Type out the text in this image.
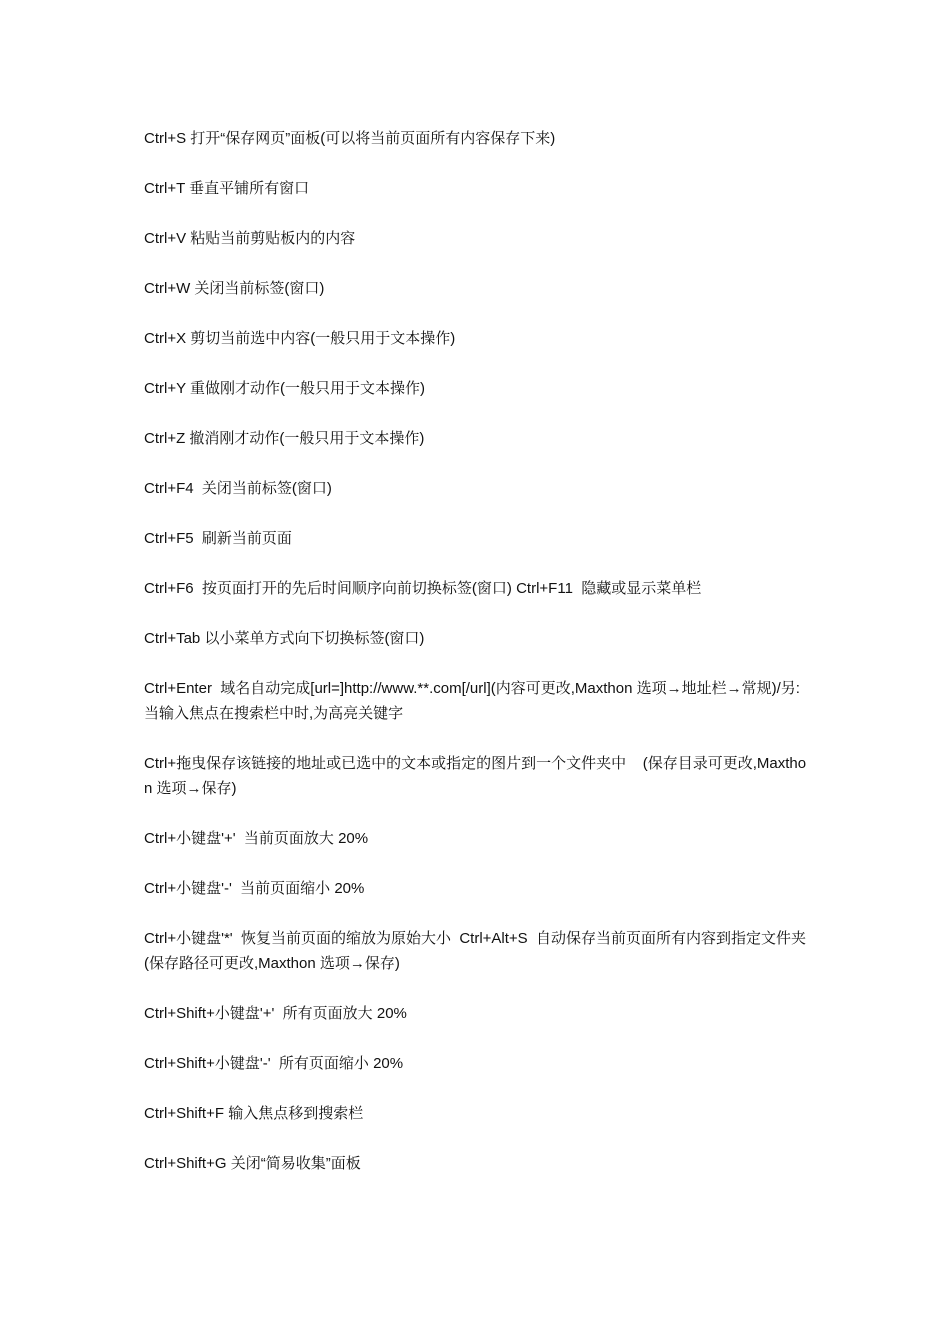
Ctrl+S 打开“保存网页”面板(可以将当前页面所有内容保存下来)

Ctrl+T 垂直平铺所有窗口

Ctrl+V 粘贴当前剪贴板内的内容

Ctrl+W 关闭当前标签(窗口)

Ctrl+X 剪切当前选中内容(一般只用于文本操作)

Ctrl+Y 重做刚才动作(一般只用于文本操作)

Ctrl+Z 撤消刚才动作(一般只用于文本操作)

Ctrl+F4  关闭当前标签(窗口)

Ctrl+F5  刷新当前页面

Ctrl+F6  按页面打开的先后时间顺序向前切换标签(窗口) Ctrl+F11  隐藏或显示菜单栏

Ctrl+Tab 以小菜单方式向下切换标签(窗口)

Ctrl+Enter  域名自动完成[url=]http://www.**.com[/url](内容可更改,Maxthon 选项→地址栏→常规)/另:当输入焦点在搜索栏中时,为高亮关键字

Ctrl+拖曳保存该链接的地址或已选中的文本或指定的图片到一个文件夹中    (保存目录可更改,Maxthon 选项→保存)

Ctrl+小键盘'+'  当前页面放大 20%

Ctrl+小键盘'-'  当前页面缩小 20%

Ctrl+小键盘'*'  恢复当前页面的缩放为原始大小  Ctrl+Alt+S  自动保存当前页面所有内容到指定文件夹(保存路径可更改,Maxthon 选项→保存)

Ctrl+Shift+小键盘'+'  所有页面放大 20%

Ctrl+Shift+小键盘'-'  所有页面缩小 20%

Ctrl+Shift+F 输入焦点移到搜索栏

Ctrl+Shift+G 关闭“简易收集”面板
